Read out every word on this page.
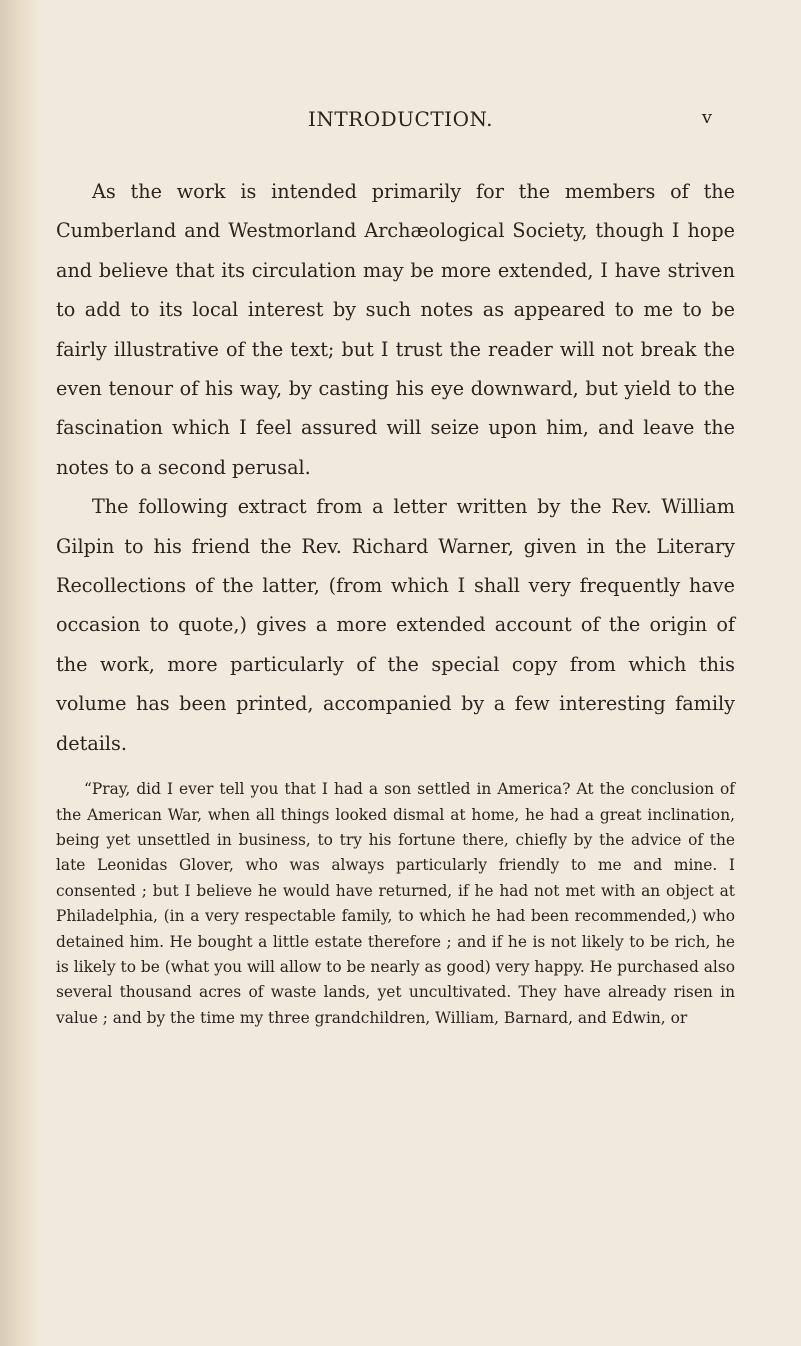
INTRODUCTION.	v

As the work is intended primarily for the members of the Cumberland and Westmorland Archæological Society, though I hope and believe that its circulation may be more extended, I have striven to add to its local interest by such notes as appeared to me to be fairly illustrative of the text; but I trust the reader will not break the even tenour of his way, by casting his eye downward, but yield to the fascination which I feel assured will seize upon him, and leave the notes to a second perusal.

The following extract from a letter written by the Rev. William Gilpin to his friend the Rev. Richard Warner, given in the Literary Recollections of the latter, (from which I shall very frequently have occasion to quote,) gives a more extended account of the origin of the work, more particularly of the special copy from which this volume has been printed, accompanied by a few interesting family details.

“Pray, did I ever tell you that I had a son settled in America? At the conclusion of the American War, when all things looked dismal at home, he had a great inclination, being yet unsettled in business, to try his fortune there, chiefly by the advice of the late Leonidas Glover, who was always particularly friendly to me and mine. I consented ; but I believe he would have returned, if he had not met with an object at Philadelphia, (in a very respectable family, to which he had been recommended,) who detained him. He bought a little estate therefore ; and if he is not likely to be rich, he is likely to be (what you will allow to be nearly as good) very happy. He purchased also several thousand acres of waste lands, yet uncultivated. They have already risen in value ; and by the time my three grandchildren, William, Barnard, and Edwin, or
